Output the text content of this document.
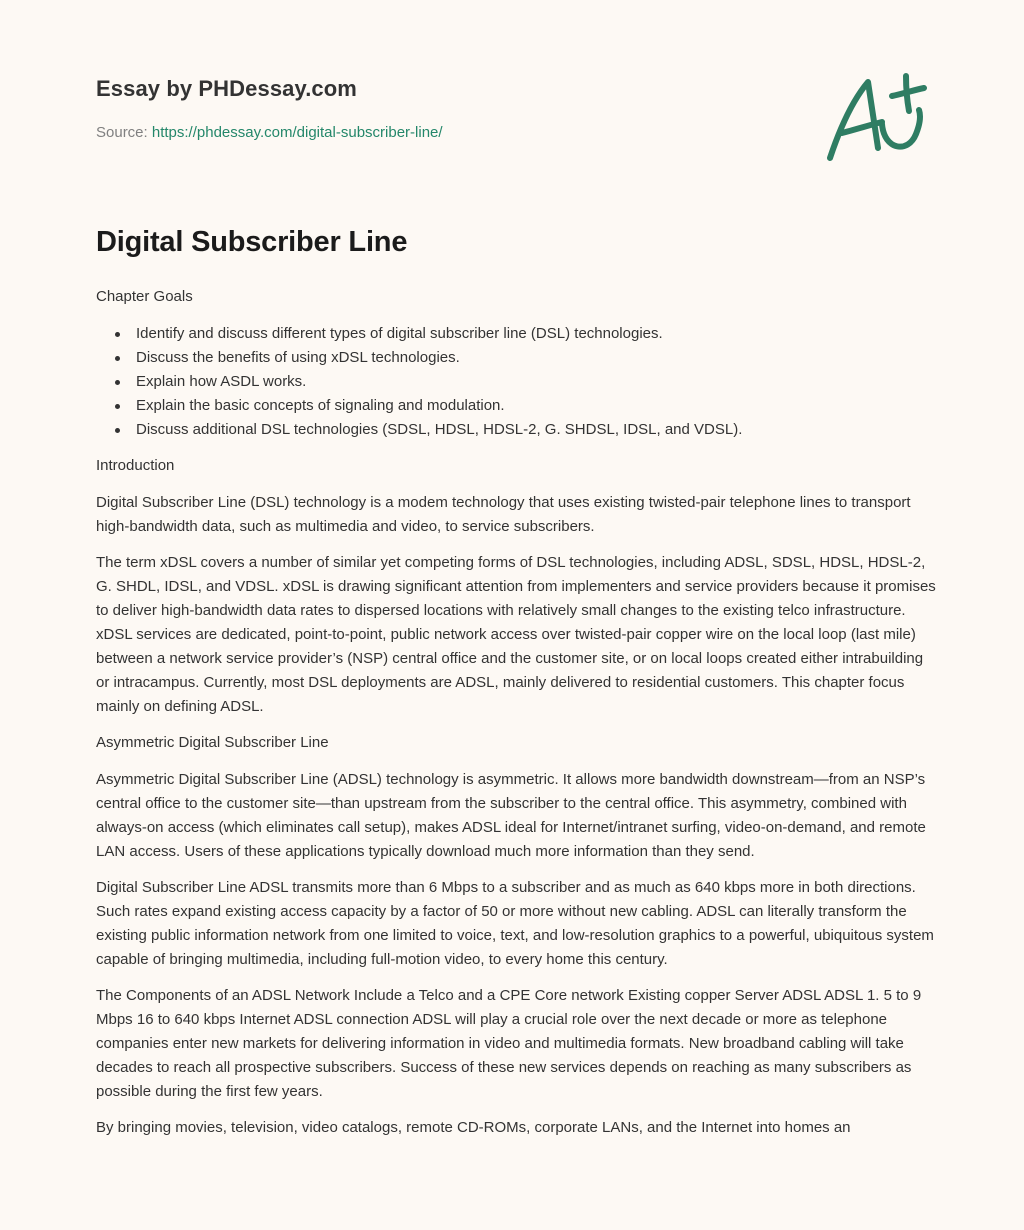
Essay by PHDessay.com
Source: https://phdessay.com/digital-subscriber-line/
Digital Subscriber Line

Chapter Goals

Identify and discuss different types of digital subscriber line (DSL) technologies.
Discuss the benefits of using xDSL technologies.
Explain how ASDL works.
Explain the basic concepts of signaling and modulation.
Discuss additional DSL technologies (SDSL, HDSL, HDSL-2, G. SHDSL, IDSL, and VDSL).

Introduction

Digital Subscriber Line (DSL) technology is a modem technology that uses existing twisted-pair telephone lines to transport high-bandwidth data, such as multimedia and video, to service subscribers.

The term xDSL covers a number of similar yet competing forms of DSL technologies, including ADSL, SDSL, HDSL, HDSL-2, G. SHDL, IDSL, and VDSL. xDSL is drawing significant attention from implementers and service providers because it promises to deliver high-bandwidth data rates to dispersed locations with relatively small changes to the existing telco infrastructure. xDSL services are dedicated, point-to-point, public network access over twisted-pair copper wire on the local loop (last mile) between a network service provider’s (NSP) central office and the customer site, or on local loops created either intrabuilding or intracampus. Currently, most DSL deployments are ADSL, mainly delivered to residential customers. This chapter focus mainly on defining ADSL.

Asymmetric Digital Subscriber Line

Asymmetric Digital Subscriber Line (ADSL) technology is asymmetric. It allows more bandwidth downstream—from an NSP’s central office to the customer site—than upstream from the subscriber to the central office. This asymmetry, combined with always-on access (which eliminates call setup), makes ADSL ideal for Internet/intranet surfing, video-on-demand, and remote LAN access. Users of these applications typically download much more information than they send.

Digital Subscriber Line ADSL transmits more than 6 Mbps to a subscriber and as much as 640 kbps more in both directions. Such rates expand existing access capacity by a factor of 50 or more without new cabling. ADSL can literally transform the existing public information network from one limited to voice, text, and low-resolution graphics to a powerful, ubiquitous system capable of bringing multimedia, including full-motion video, to every home this century.

The Components of an ADSL Network Include a Telco and a CPE Core network Existing copper Server ADSL ADSL 1. 5 to 9 Mbps 16 to 640 kbps Internet ADSL connection ADSL will play a crucial role over the next decade or more as telephone companies enter new markets for delivering information in video and multimedia formats. New broadband cabling will take decades to reach all prospective subscribers. Success of these new services depends on reaching as many subscribers as possible during the first few years.

By bringing movies, television, video catalogs, remote CD-ROMs, corporate LANs, and the Internet into homes an
